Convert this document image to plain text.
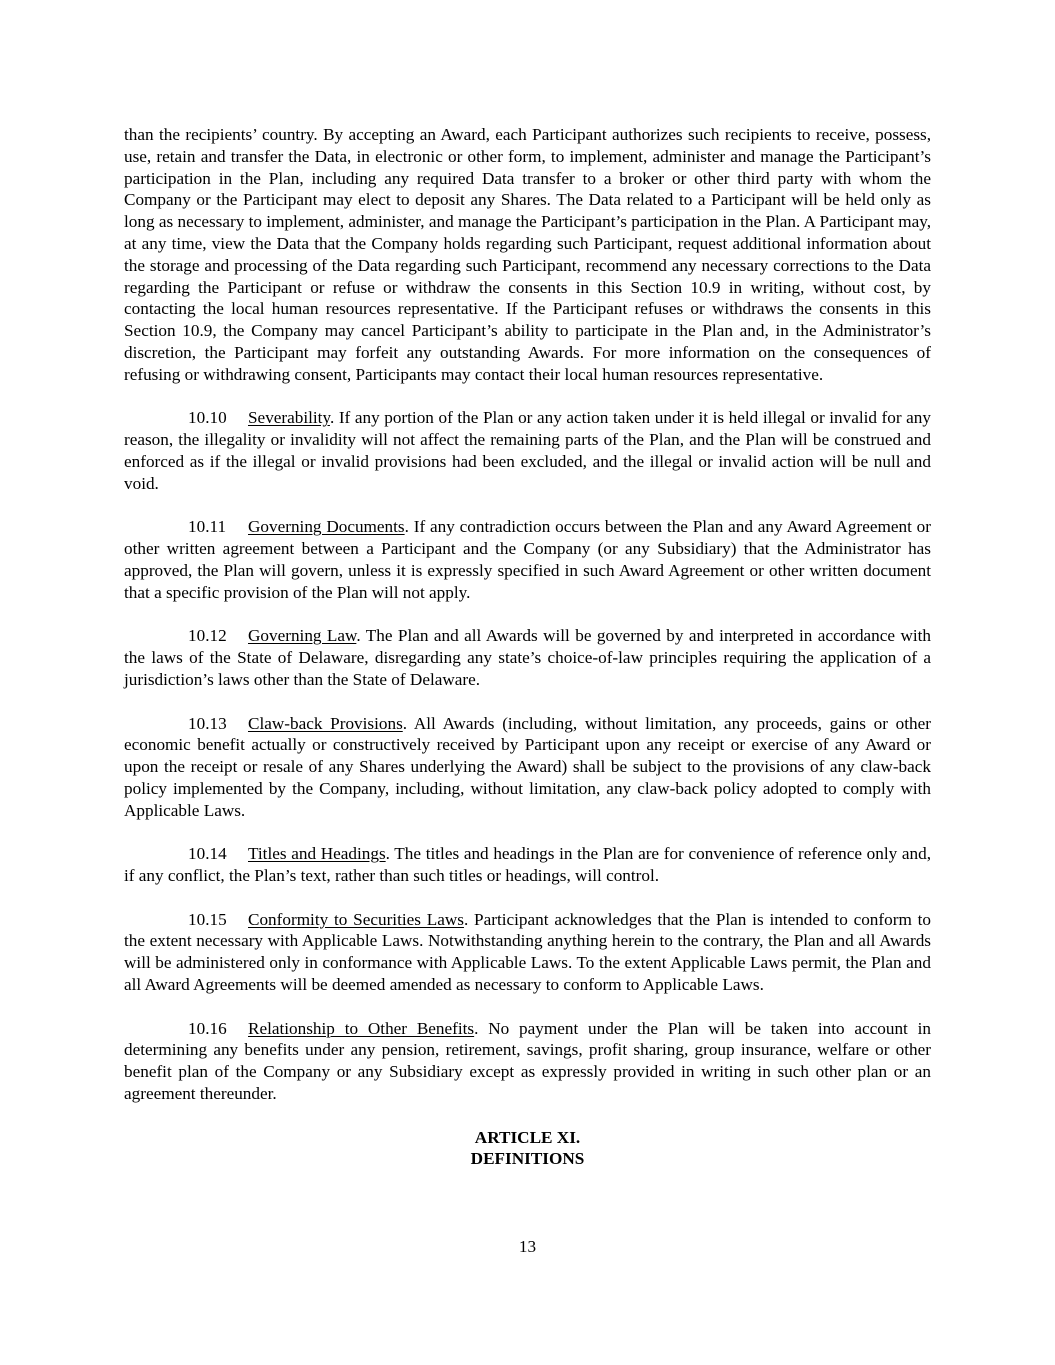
than the recipients’ country. By accepting an Award, each Participant authorizes such recipients to receive, possess, use, retain and transfer the Data, in electronic or other form, to implement, administer and manage the Participant’s participation in the Plan, including any required Data transfer to a broker or other third party with whom the Company or the Participant may elect to deposit any Shares. The Data related to a Participant will be held only as long as necessary to implement, administer, and manage the Participant’s participation in the Plan. A Participant may, at any time, view the Data that the Company holds regarding such Participant, request additional information about the storage and processing of the Data regarding such Participant, recommend any necessary corrections to the Data regarding the Participant or refuse or withdraw the consents in this Section 10.9 in writing, without cost, by contacting the local human resources representative. If the Participant refuses or withdraws the consents in this Section 10.9, the Company may cancel Participant’s ability to participate in the Plan and, in the Administrator’s discretion, the Participant may forfeit any outstanding Awards. For more information on the consequences of refusing or withdrawing consent, Participants may contact their local human resources representative.

10.10 Severability. If any portion of the Plan or any action taken under it is held illegal or invalid for any reason, the illegality or invalidity will not affect the remaining parts of the Plan, and the Plan will be construed and enforced as if the illegal or invalid provisions had been excluded, and the illegal or invalid action will be null and void.

10.11 Governing Documents. If any contradiction occurs between the Plan and any Award Agreement or other written agreement between a Participant and the Company (or any Subsidiary) that the Administrator has approved, the Plan will govern, unless it is expressly specified in such Award Agreement or other written document that a specific provision of the Plan will not apply.

10.12 Governing Law. The Plan and all Awards will be governed by and interpreted in accordance with the laws of the State of Delaware, disregarding any state’s choice-of-law principles requiring the application of a jurisdiction’s laws other than the State of Delaware.

10.13 Claw-back Provisions. All Awards (including, without limitation, any proceeds, gains or other economic benefit actually or constructively received by Participant upon any receipt or exercise of any Award or upon the receipt or resale of any Shares underlying the Award) shall be subject to the provisions of any claw-back policy implemented by the Company, including, without limitation, any claw-back policy adopted to comply with Applicable Laws.

10.14 Titles and Headings. The titles and headings in the Plan are for convenience of reference only and, if any conflict, the Plan’s text, rather than such titles or headings, will control.

10.15 Conformity to Securities Laws. Participant acknowledges that the Plan is intended to conform to the extent necessary with Applicable Laws. Notwithstanding anything herein to the contrary, the Plan and all Awards will be administered only in conformance with Applicable Laws. To the extent Applicable Laws permit, the Plan and all Award Agreements will be deemed amended as necessary to conform to Applicable Laws.

10.16 Relationship to Other Benefits. No payment under the Plan will be taken into account in determining any benefits under any pension, retirement, savings, profit sharing, group insurance, welfare or other benefit plan of the Company or any Subsidiary except as expressly provided in writing in such other plan or an agreement thereunder.

ARTICLE XI.

DEFINITIONS

13
